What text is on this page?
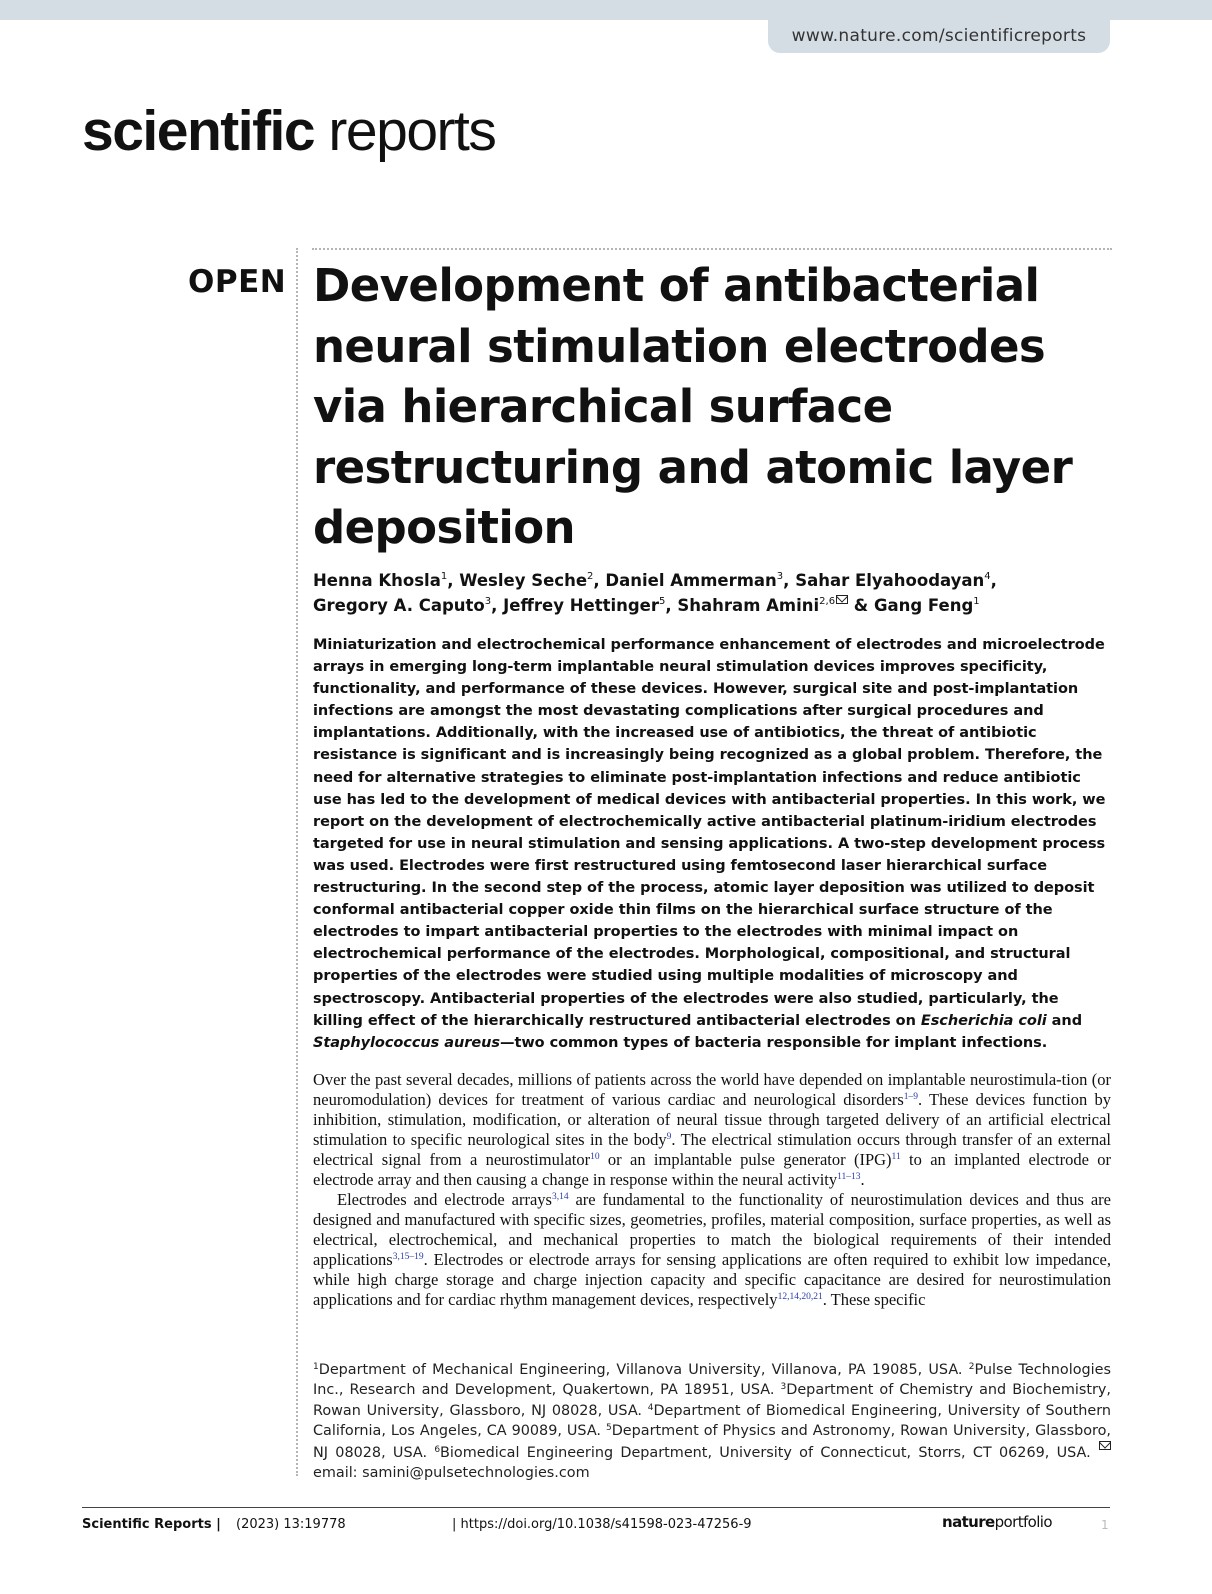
www.nature.com/scientificreports
scientific reports
OPEN Development of antibacterial neural stimulation electrodes via hierarchical surface restructuring and atomic layer deposition
Henna Khosla$^1$, Wesley Seche$^2$, Daniel Ammerman$^3$, Sahar Elyahoodayan$^4$,
Gregory A. Caputo$^3$, Jeffrey Hettinger$^5$, Shahram Amini$^{2,6}$ & Gang Feng$^1$
Miniaturization and electrochemical performance enhancement of electrodes and microelectrode arrays in emerging long-term implantable neural stimulation devices improves specificity, functionality, and performance of these devices. However, surgical site and post-implantation infections are amongst the most devastating complications after surgical procedures and implantations. Additionally, with the increased use of antibiotics, the threat of antibiotic resistance is significant and is increasingly being recognized as a global problem. Therefore, the need for alternative strategies to eliminate post-implantation infections and reduce antibiotic use has led to the development of medical devices with antibacterial properties. In this work, we report on the development of electrochemically active antibacterial platinum-iridium electrodes targeted for use in neural stimulation and sensing applications. A two-step development process was used. Electrodes were first restructured using femtosecond laser hierarchical surface restructuring. In the second step of the process, atomic layer deposition was utilized to deposit conformal antibacterial copper oxide thin films on the hierarchical surface structure of the electrodes to impart antibacterial properties to the electrodes with minimal impact on electrochemical performance of the electrodes. Morphological, compositional, and structural properties of the electrodes were studied using multiple modalities of microscopy and spectroscopy. Antibacterial properties of the electrodes were also studied, particularly, the killing effect of the hierarchically restructured antibacterial electrodes on Escherichia coli and Staphylococcus aureus—two common types of bacteria responsible for implant infections.

Over the past several decades, millions of patients across the world have depended on implantable neurostimula-tion (or neuromodulation) devices for treatment of various cardiac and neurological disorders$^{1-9}$. These devices function by inhibition, stimulation, modification, or alteration of neural tissue through targeted delivery of an artificial electrical stimulation to specific neurological sites in the body$^9$. The electrical stimulation occurs through transfer of an external electrical signal from a neurostimulator$^{10}$ or an implantable pulse generator (IPG)$^{11}$ to an implanted electrode or electrode array and then causing a change in response within the neural activity$^{11-13}$.

Electrodes and electrode arrays$^{3,14}$ are fundamental to the functionality of neurostimulation devices and thus are designed and manufactured with specific sizes, geometries, profiles, material composition, surface properties, as well as electrical, electrochemical, and mechanical properties to match the biological requirements of their intended applications$^{3,15-19}$. Electrodes or electrode arrays for sensing applications are often required to exhibit low impedance, while high charge storage and charge injection capacity and specific capacitance are desired for neurostimulation applications and for cardiac rhythm management devices, respectively$^{12,14,20,21}$. These specific

$^1$Department of Mechanical Engineering, Villanova University, Villanova, PA 19085, USA. $^2$Pulse Technologies Inc., Research and Development, Quakertown, PA 18951, USA. $^3$Department of Chemistry and Biochemistry, Rowan University, Glassboro, NJ 08028, USA. $^4$Department of Biomedical Engineering, University of Southern California, Los Angeles, CA 90089, USA. $^5$Department of Physics and Astronomy, Rowan University, Glassboro, NJ 08028, USA. $^6$Biomedical Engineering Department, University of Connecticut, Storrs, CT 06269, USA. email: samini@pulsetechnologies.com
Scientific Reports | (2023) 13:19778	| https://doi.org/10.1038/s41598-023-47256-9	natureportfolio	1
